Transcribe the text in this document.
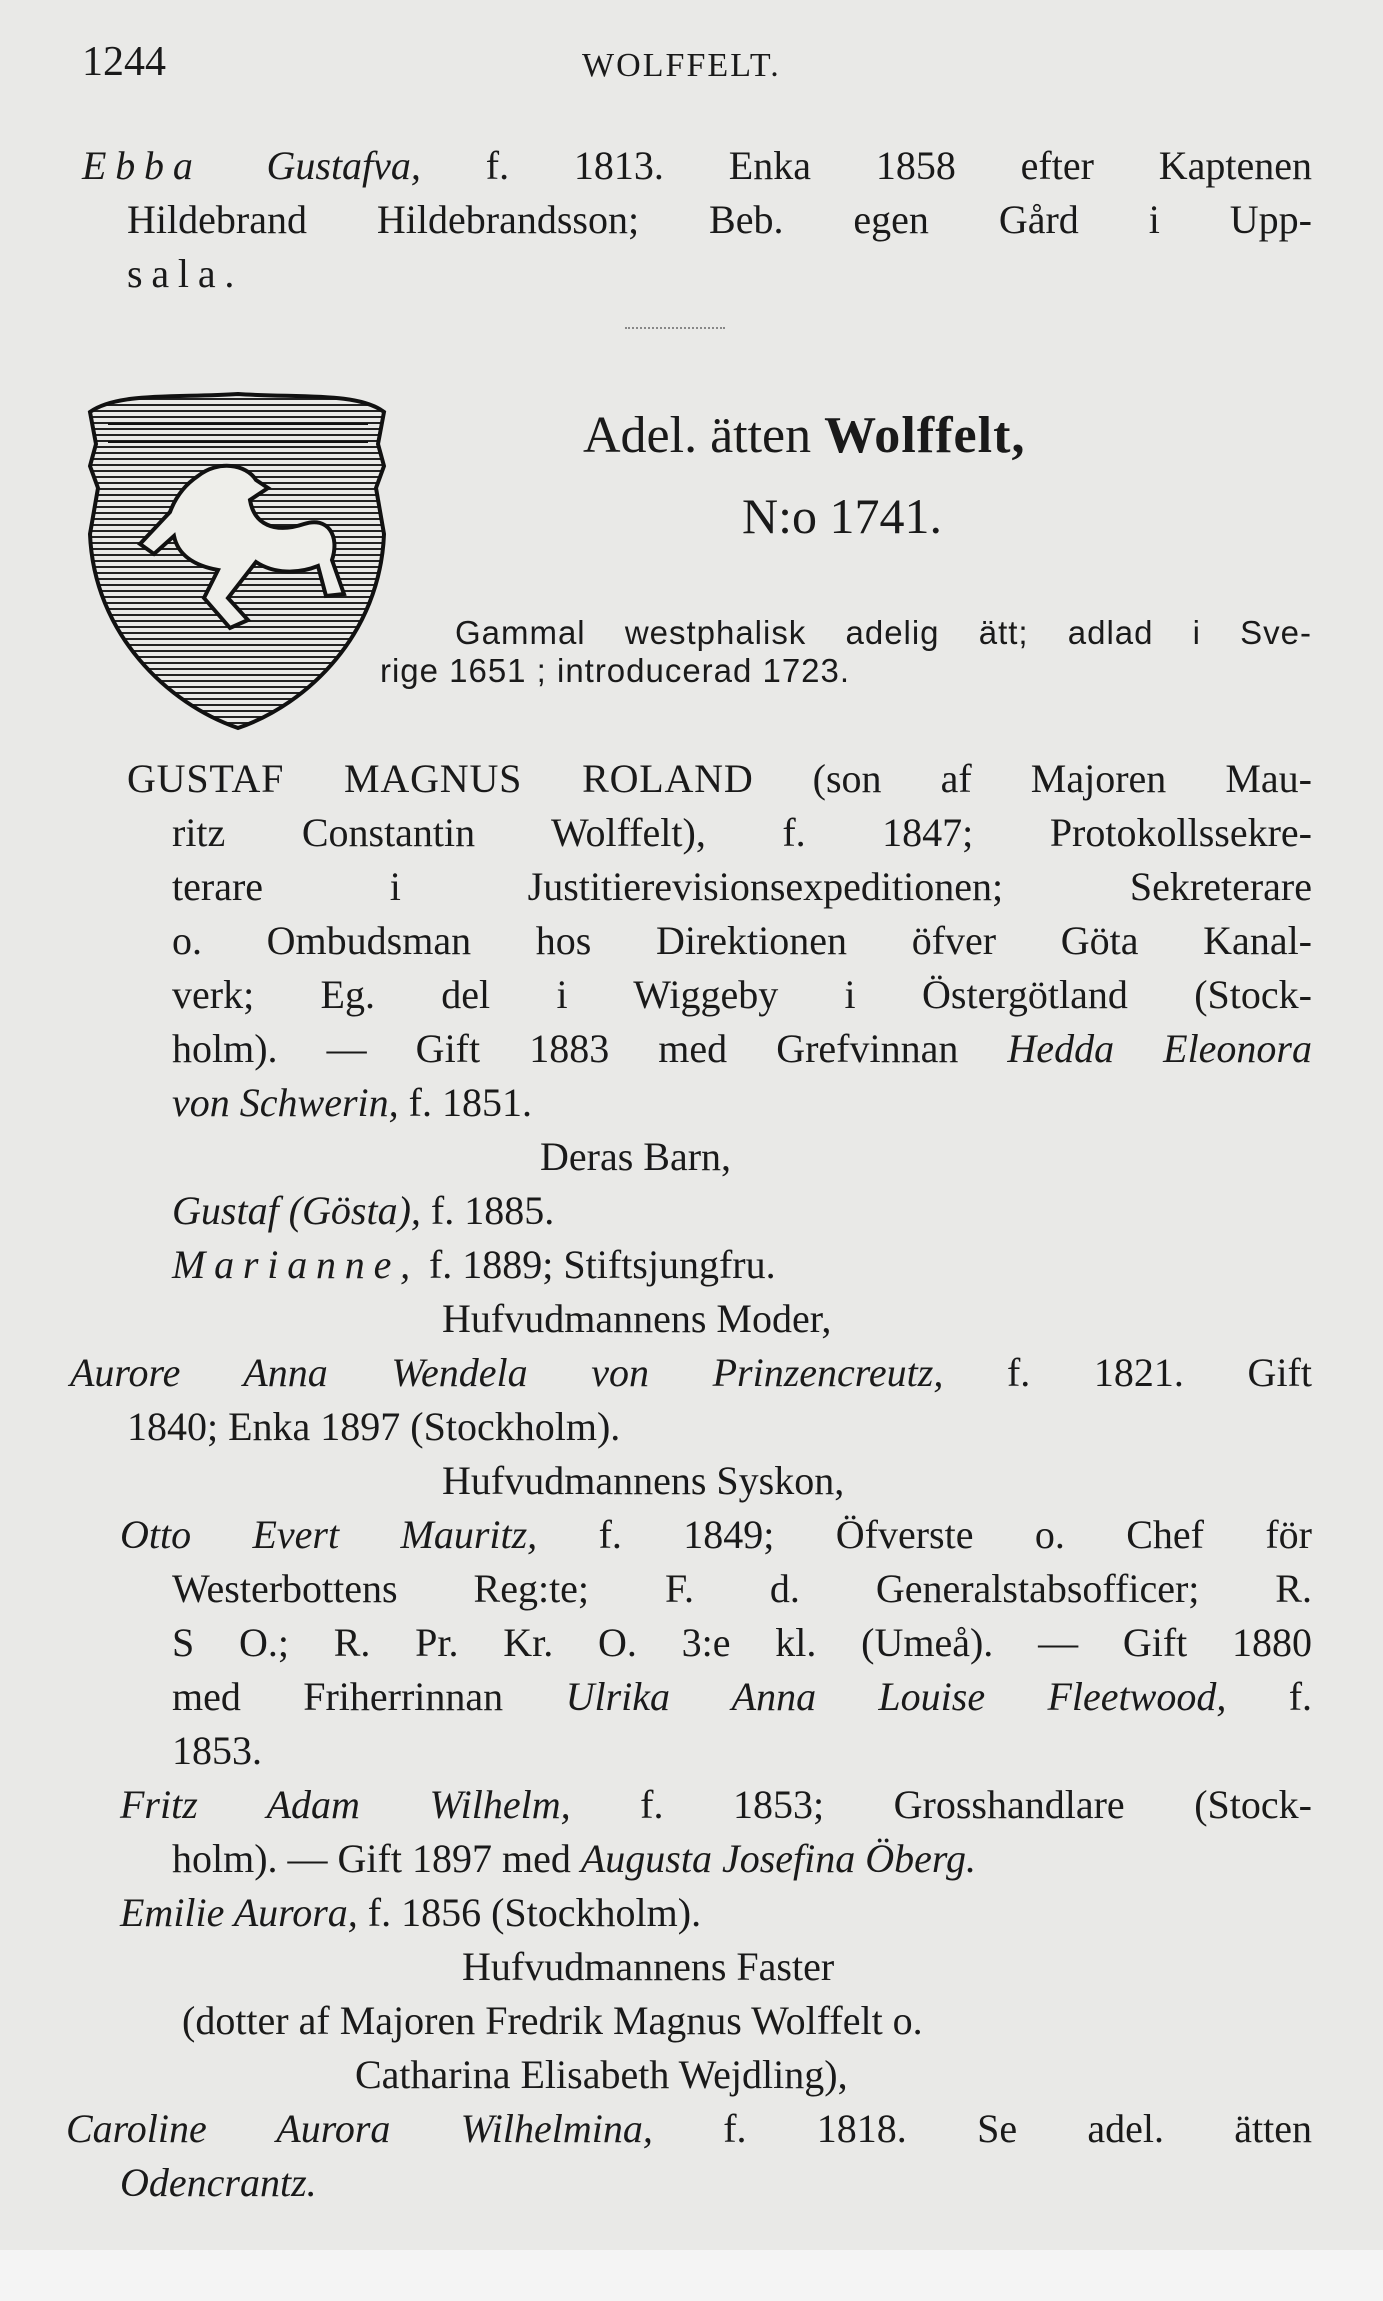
1244	WOLFFELT.
Ebba Gustafva, f. 1813. Enka 1858 efter Kaptenen
Hildebrand Hildebrandsson; Beb. egen Gård i Upp-
sala.
Adel. ätten Wolffelt,
N:o 1741.
Gammal westphalisk adelig ätt; adlad i Sve-
rige 1651 ; introducerad 1723.
GUSTAF MAGNUS ROLAND (son af Majoren Mau-
ritz Constantin Wolffelt), f. 1847; Protokollssekre-
terare i Justitierevisionsexpeditionen; Sekreterare
o. Ombudsman hos Direktionen öfver Göta Kanal-
verk; Eg. del i Wiggeby i Östergötland (Stock-
holm). — Gift 1883 med Grefvinnan Hedda Eleonora
von Schwerin, f. 1851.
Deras Barn,
Gustaf (Gösta), f. 1885.
Marianne, f. 1889; Stiftsjungfru.
Hufvudmannens Moder,
Aurore Anna Wendela von Prinzencreutz, f. 1821. Gift
1840; Enka 1897 (Stockholm).
Hufvudmannens Syskon,
Otto Evert Mauritz, f. 1849; Öfverste o. Chef för
Westerbottens Reg:te; F. d. Generalstabsofficer; R.
S O.; R. Pr. Kr. O. 3:e kl. (Umeå). — Gift 1880
med Friherrinnan Ulrika Anna Louise Fleetwood, f.
1853.
Fritz Adam Wilhelm, f. 1853; Grosshandlare (Stock-
holm). — Gift 1897 med Augusta Josefina Öberg.
Emilie Aurora, f. 1856 (Stockholm).
Hufvudmannens Faster
(dotter af Majoren Fredrik Magnus Wolffelt o.
Catharina Elisabeth Wejdling),
Caroline Aurora Wilhelmina, f. 1818. Se adel. ätten
Odencrantz.
